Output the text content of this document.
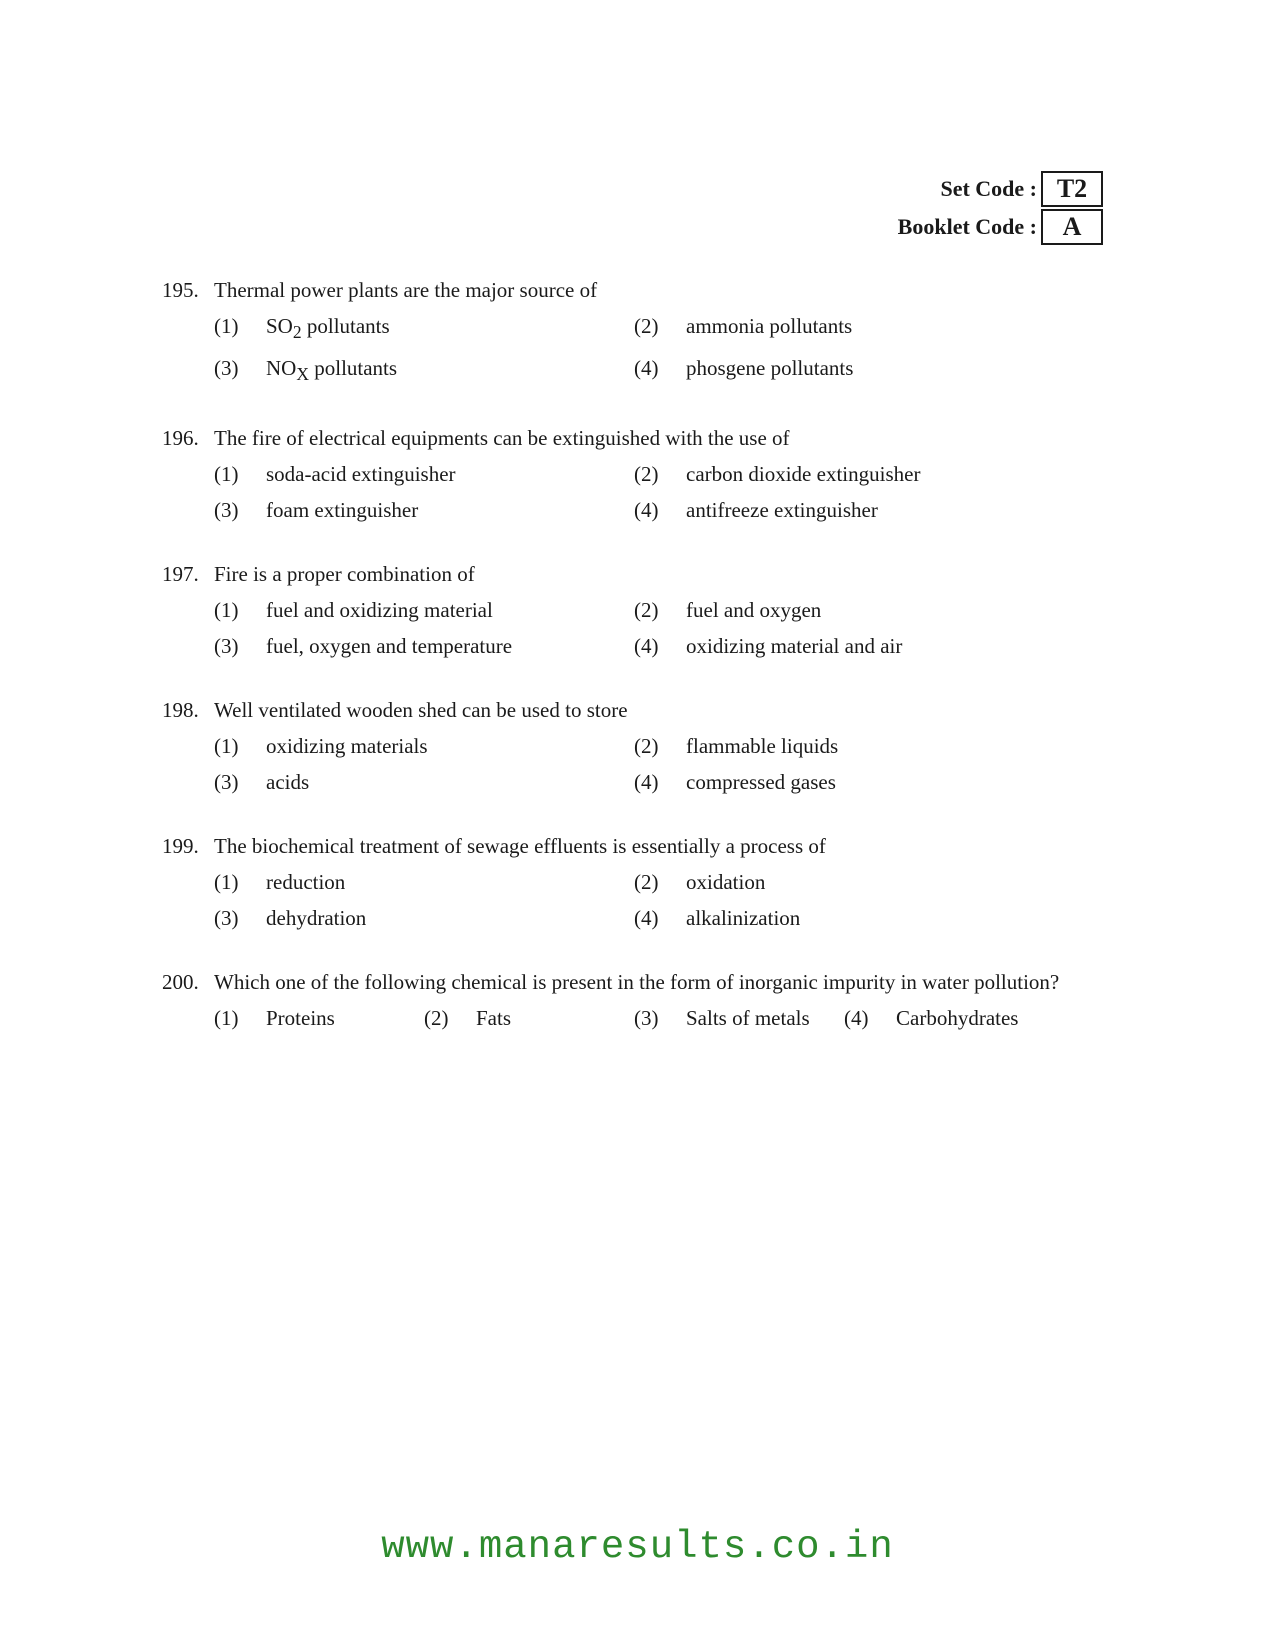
Set Code : T2
Booklet Code : A
195. Thermal power plants are the major source of
(1)	$SO_2$ pollutants	(2)	ammonia pollutants
(3)	$NO_X$ pollutants	(4)	phosgene pollutants
196. The fire of electrical equipments can be extinguished with the use of
(1)	soda-acid extinguisher	(2)	carbon dioxide extinguisher
(3)	foam extinguisher	(4)	antifreeze extinguisher
197. Fire is a proper combination of
(1)	fuel and oxidizing material	(2)	fuel and oxygen
(3)	fuel, oxygen and temperature	(4)	oxidizing material and air
198. Well ventilated wooden shed can be used to store
(1)	oxidizing materials	(2)	flammable liquids
(3)	acids	(4)	compressed gases
199. The biochemical treatment of sewage effluents is essentially a process of
(1)	reduction	(2)	oxidation
(3)	dehydration	(4)	alkalinization
200. Which one of the following chemical is present in the form of inorganic impurity in water pollution?
(1)	Proteins	(2)	Fats	(3)	Salts of metals (4)	Carbohydrates
www.manaresults.co.in
